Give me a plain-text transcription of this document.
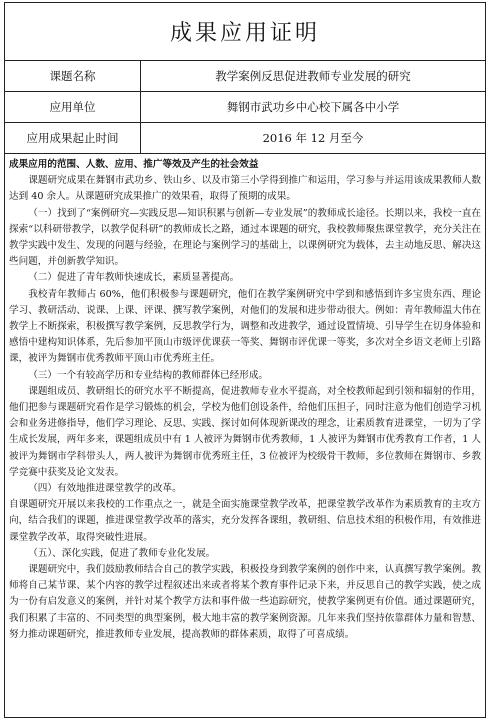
成果应用证明
课题名称	教学案例反思促进教师专业发展的研究
应用单位	舞钢市武功乡中心校下属各中小学
应用成果起止时间	2016 年 12 月至今

成果应用的范围、人数、应用、推广等效及产生的社会效益

课题研究成果在舞钢市武功乡、铁山乡、以及市第三小学得到推广和运用，学习参与并运用该成果教师人数达到 40 余人。从课题研究成果推广的效果看，取得了预期的成果。

（一）找到了“案例研究—实践反思—知识积累与创新—专业发展”的教师成长途径。长期以来，我校一直在探索“以科研带教学，以教学促科研”的教师成长之路，通过本课题的研究，我校教师聚焦课堂教学，充分关注在教学实践中发生、发现的问题与经验，在理论与案例学习的基础上，以课例研究为载体，去主动地反思、解决这些问题，并创新教学知识。

（二）促进了青年教师快速成长，素质显著提高。

我校青年教师占 60%，他们积极参与课题研究，他们在教学案例研究中学到和感悟到许多宝贵东西、理论学习、教研活动、说课、上课、评课、撰写教学案例，对他们的发展和进步带动很大。例如：青年教师温大伟在教学上不断探索，积极撰写教学案例，反思教学行为，调整和改进教学，通过设置情境、引导学生在切身体验和感悟中建构知识体系，先后参加平顶山市级评优课获一等奖、舞钢市评优课一等奖，多次对全乡语文老师上引路课，被评为舞钢市优秀教师平顶山市优秀班主任。

（三）一个有较高学历和专业结构的教师群体已经形成。

课题组成员、教研组长的研究水平不断提高，促进教师专业水平提高，对全校教师起到引领和辐射的作用，他们把参与课题研究看作是学习锻炼的机会，学校为他们创设条件，给他们压担子，同时注意为他们创造学习机会和业务进修指导，他们学习理论、反思、实践、探讨如何体现新课改的理念，让素质教育进课堂，一切为了学生成长发展，两年多来，课题组成员中有 1 人被评为舞钢市优秀教师，1 人被评为舞钢市优秀教育工作者，1 人被评为舞钢市学科带头人，两人被评为舞钢市优秀班主任，3 位被评为校级骨干教师，多位教师在舞钢市、乡教学竞赛中获奖及论文发表。

（四）有效地推进课堂教学的改革。

自课题研究开展以来我校的工作重点之一，就是全面实施课堂教学改革，把课堂教学改革作为素质教育的主攻方向，结合我们的课题，推进课堂教学改革的落实，充分发挥各课组，教研组、信息技术组的积极作用，有效推进课堂教学改革，取得突破性进展。

（五）、深化实践，促进了教师专业化发展。

课题研究中，我们鼓励教师结合自己的教学实践，积极投身到教学案例的创作中来，认真撰写教学案例。教师将自己某节课、某个内容的教学过程叙述出来或者将某个教育事件记录下来，并反思自己的教学实践，使之成为一份有启发意义的案例，并针对某个教学方法和事件做一些追踪研究，使教学案例更有价值。通过课题研究，我们积累了丰富的、不同类型的典型案例，极大地丰富的教学案例资源。几年来我们坚持依靠群体力量和智慧、努力推动课题研究，推进教师专业发展，提高教师的群体素质，取得了可喜成绩。
